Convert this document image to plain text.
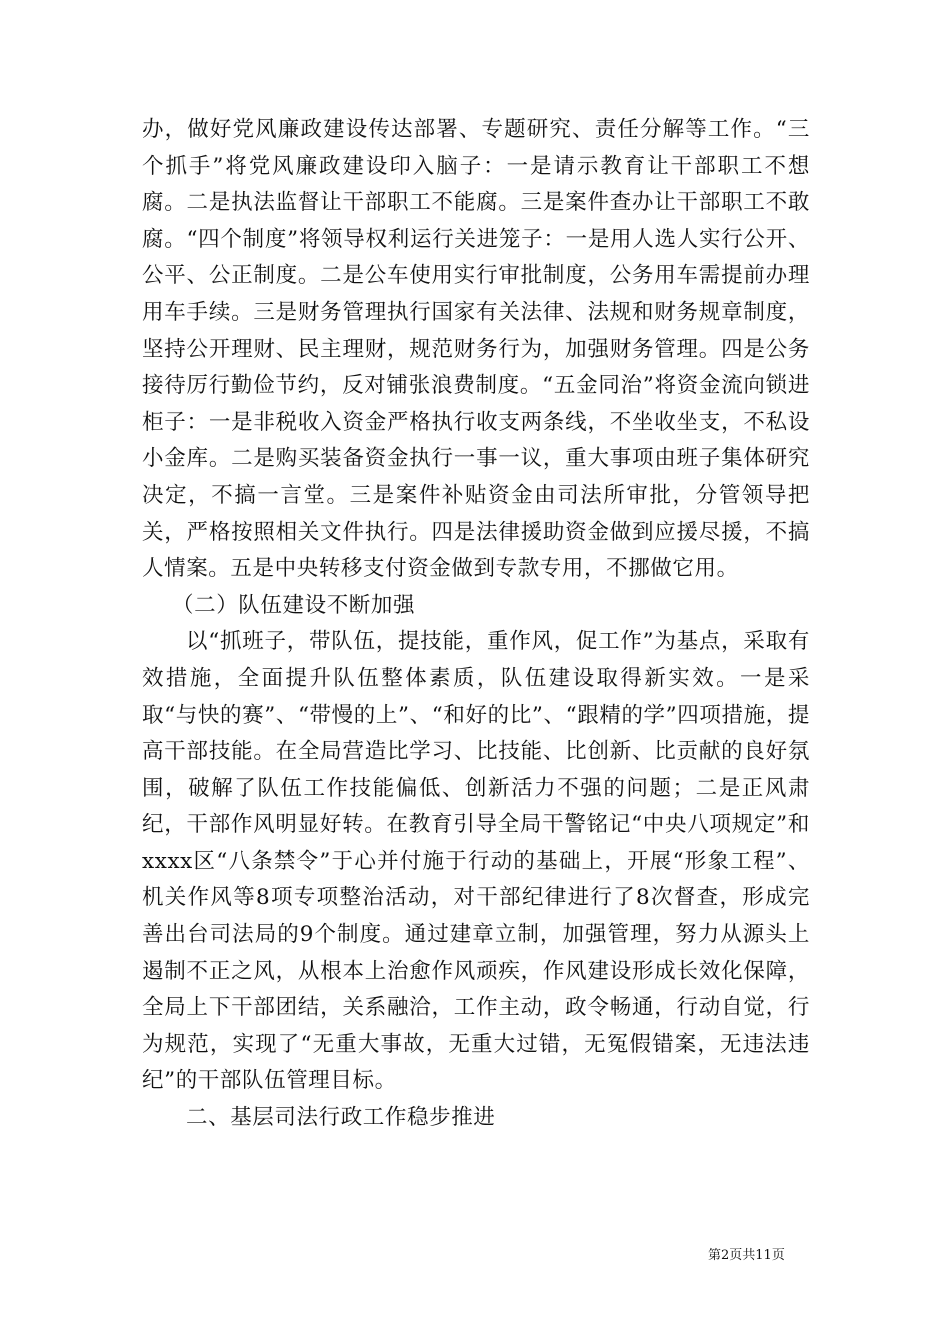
办，做好党风廉政建设传达部署、专题研究、责任分解等工作。“三个抓手”将党风廉政建设印入脑子：一是请示教育让干部职工不想腐。二是执法监督让干部职工不能腐。三是案件查办让干部职工不敢腐。“四个制度”将领导权利运行关进笼子：一是用人选人实行公开、公平、公正制度。二是公车使用实行审批制度，公务用车需提前办理用车手续。三是财务管理执行国家有关法律、法规和财务规章制度，坚持公开理财、民主理财，规范财务行为，加强财务管理。四是公务接待厉行勤俭节约，反对铺张浪费制度。“五金同治”将资金流向锁进柜子：一是非税收入资金严格执行收支两条线，不坐收坐支，不私设小金库。二是购买装备资金执行一事一议，重大事项由班子集体研究决定，不搞一言堂。三是案件补贴资金由司法所审批，分管领导把关，严格按照相关文件执行。四是法律援助资金做到应援尽援，不搞人情案。五是中央转移支付资金做到专款专用，不挪做它用。

（二）队伍建设不断加强

以“抓班子，带队伍，提技能，重作风，促工作”为基点，采取有效措施，全面提升队伍整体素质，队伍建设取得新实效。一是采取“与快的赛”、“带慢的上”、“和好的比”、“跟精的学”四项措施，提高干部技能。在全局营造比学习、比技能、比创新、比贡献的良好氛围，破解了队伍工作技能偏低、创新活力不强的问题；二是正风肃纪，干部作风明显好转。在教育引导全局干警铭记“中央八项规定”和xxxx区“八条禁令”于心并付施于行动的基础上，开展“形象工程”、机关作风等8项专项整治活动，对干部纪律进行了8次督查，形成完善出台司法局的9个制度。通过建章立制，加强管理，努力从源头上遏制不正之风，从根本上治愈作风顽疾，作风建设形成长效化保障，全局上下干部团结，关系融洽，工作主动，政令畅通，行动自觉，行为规范，实现了“无重大事故，无重大过错，无冤假错案，无违法违纪”的干部队伍管理目标。

二、基层司法行政工作稳步推进

第2页共11页
